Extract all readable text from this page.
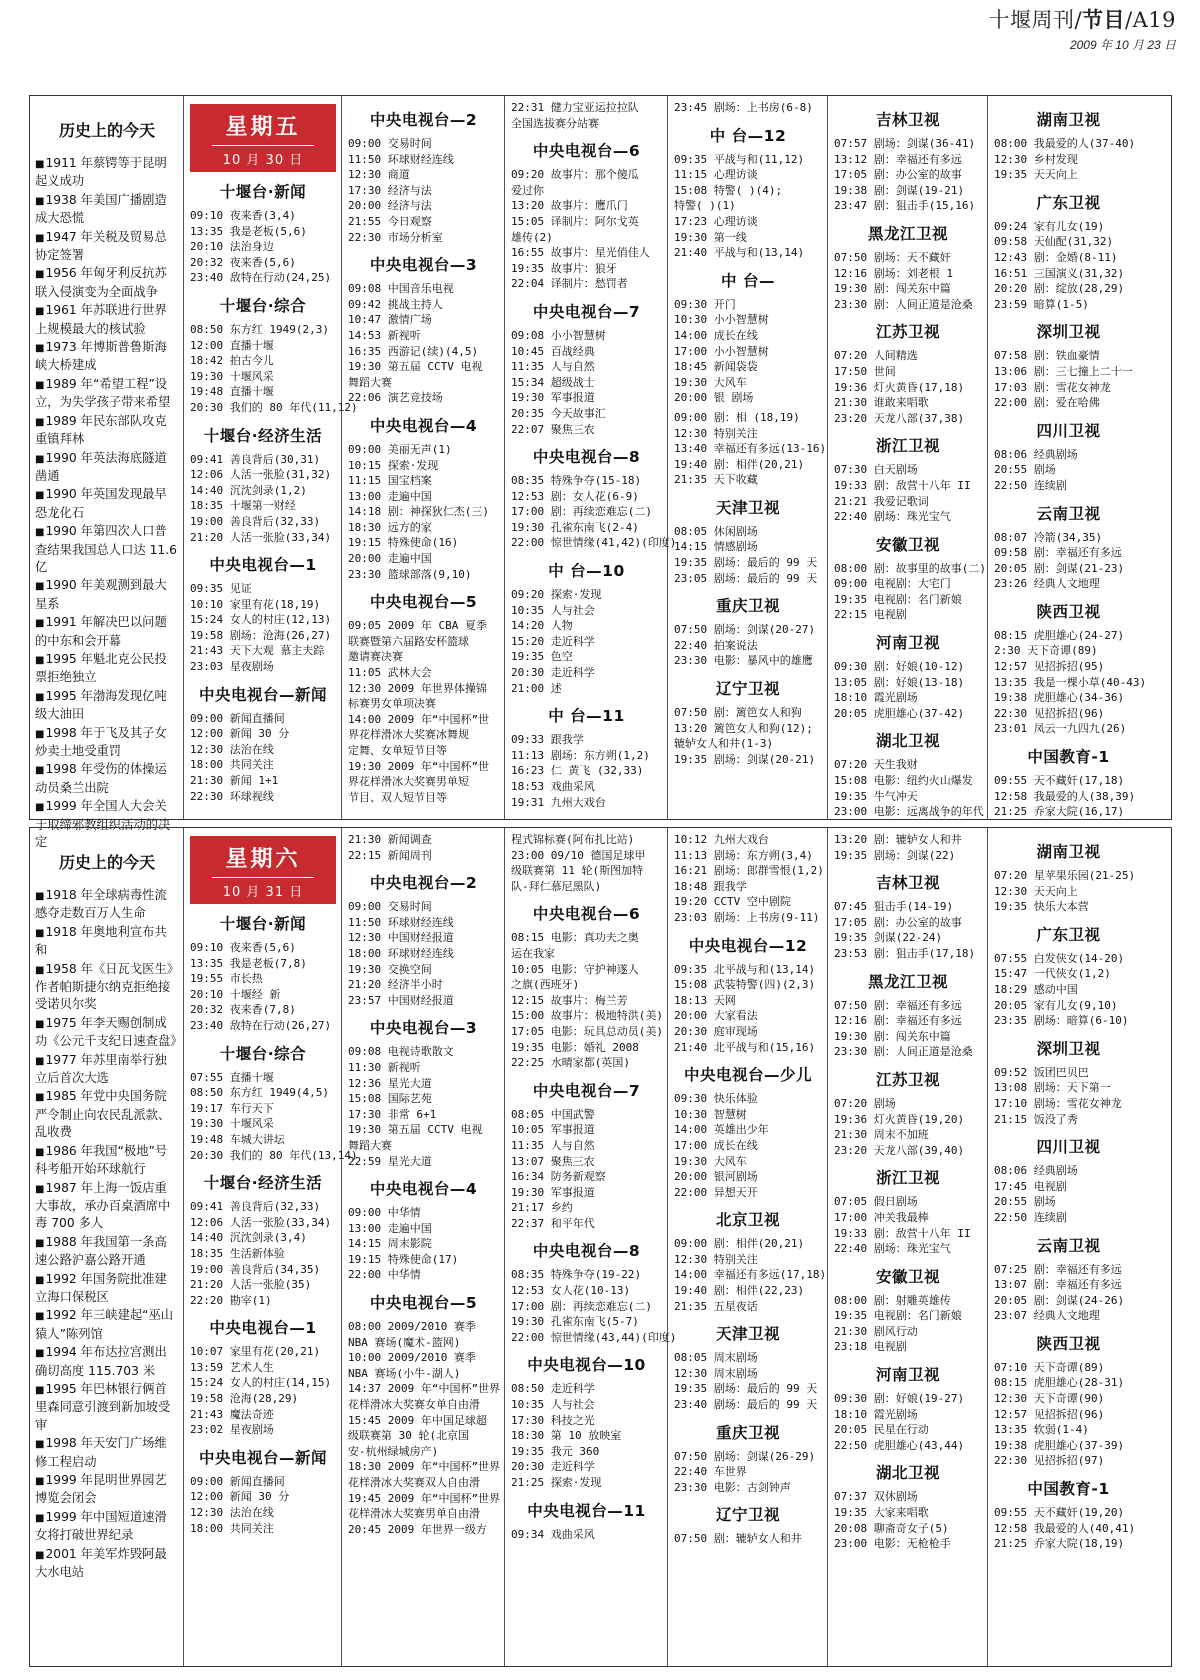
十堰周刊/节目/A19
2009 年 10 月 23 日
历史上的今天
■ 1911 年蔡锷等于昆明起义成功
■ 1938 年美国广播剧造成大恐慌
■ 1947 年关税及贸易总协定签署
■ 1956 年匈牙利反抗苏联入侵演变为全面战争
■ 1961 年苏联进行世界上规模最大的核试验
■ 1973 年博斯普鲁斯海峡大桥建成
■ 1989 年“希望工程”设立，为失学孩子带来希望
■ 1989 年民东部队攻克重镇拜林
■ 1990 年英法海底隧道凿通
■ 1990 年英国发现最早恐龙化石
■ 1990 年第四次人口普查结果我国总人口达 11.6 亿
■ 1990 年美观测到最大星系
■ 1991 年解决巴以问题的中东和会开幕
■ 1995 年魁北克公民投票拒绝独立
■ 1995 年渤海发现亿吨级大油田
■ 1998 年于飞及其子女炒卖土地受重罚
■ 1998 年受伤的体操运动员桑兰出院
■ 1999 年全国人大会关于取缔邪教组织活动的决定
星期五
10 月 30 日
十堰台·新闻
09:10 夜来香(3,4)
13:35 我是老板(5,6)
20:10 法治身边
20:32 夜来香(5,6)
23:40 敌特在行动(24,25)
十堰台·综合
08:50 东方红 1949(2,3)
12:00 直播十堰
18:42 拍古今儿
19:30 十堰风采
19:48 直播十堰
20:30 我们的 80 年代(11,12)
十堰台·经济生活
09:41 善良背后(30,31)
12:06 人活一张脸(31,32)
14:40 沉沈剑录(1,2)
18:35 十堰第一财经
19:00 善良背后(32,33)
21:20 人活一张脸(33,34)
中央电视台—1
09:35 见证
10:10 家里有花(18,19)
15:24 女人的村庄(12,13)
19:58 剧场：沧海(26,27)
21:43 天下大观 慕主夫踪
23:03 星夜剧场
中央电视台—新闻
09:00 新闻直播间
12:00 新闻 30 分
12:30 法治在线
18:00 共同关注
21:30 新闻 1+1
22:30 环球视线
中央电视台—2
09:00 交易时间
11:50 环球财经连线
12:30 商道
17:30 经济与法
20:00 经济与法
21:55 今日观察
22:30 市场分析室
中央电视台—3
09:08 中国音乐电视
09:42 挑战主持人
10:47 激情广场
14:53 新视听
16:35 西游记(续)(4,5)
19:30 第五届 CCTV 电视
舞蹈大赛
22:06 演艺竞技场
中央电视台—4
09:00 美丽无声(1)
10:15 探索·发现
11:15 国宝档案
13:00 走遍中国
14:18 剧：神探狄仁杰(三)
18:30 远方的家
19:15 特殊使命(16)
20:00 走遍中国
23:30 篮球部落(9,10)
中央电视台—5
09:05 2009 年 CBA 夏季
联赛暨第六届路安杯篮球
邀请赛决赛
11:05 武林大会
12:30 2009 年世界体操锦
标赛男女单项决赛
14:00 2009 年“中国杯”世
界花样滑冰大奖赛冰舞规
定舞、女单短节目等
19:30 2009 年“中国杯”世
界花样滑冰大奖赛男单短
节目、双人短节目等
22:31 健力宝亚运拉拉队
全国选拔赛分站赛
中央电视台—6
09:20 故事片：那个傻瓜
爱过你
13:20 故事片：鹰爪门
15:05 译制片：阿尔戈英
雄传(2)
16:55 故事片：星光俏佳人
19:35 故事片：狼牙
22:04 译制片：愁罚者
中央电视台—7
09:08 小小智慧树
10:45 百战经典
11:35 人与自然
15:34 超级战士
19:30 军事报道
20:35 今天故事汇
22:07 聚焦三农
中央电视台—8
08:35 特殊争夺(15-18)
12:53 剧：女人花(6-9)
17:00 剧：再续恋难忘(二)
19:30 孔雀东南飞(2-4)
22:00 惊世情缘(41,42)(印度)
中 台—10
09:20 探索·发现
10:35 人与社会
14:20 人物
15:20 走近科学
19:35 色空
20:30 走近科学
21:00 述
中 台—11
09:33 跟我学
11:13 剧场：东方朔(1,2)
16:23 仁 黄飞 (32,33)
18:53 戏曲采风
19:31 九州大戏台
23:45 剧场：上书房(6-8)
中 台—12
09:35 平战与和(11,12)
11:15 心理访谈
15:08 特警( )(4);
特警( )(1)
17:23 心理访谈
19:30 第一线
21:40 平战与和(13,14)
中 台—
09:30 开门
10:30 小小智慧树
14:00 成长在线
17:00 小小智慧树
18:45 新闻袋袋
19:30 大风车
20:00 银 剧场
09:00 剧：相 (18,19)
12:30 特别关注
13:40 幸福还有多远(13-16)
19:40 剧：相伴(20,21)
21:35 天下收藏
天津卫视
08:05 休闲剧场
14:15 情感剧场
19:35 剧场：最后的 99 天
23:05 剧场：最后的 99 天
重庆卫视
07:50 剧场：剑谋(20-27)
22:40 拍案说法
23:30 电影：暴风中的雄鹰
辽宁卫视
07:50 剧：篱笆女人和狗
13:20 篱笆女人和狗(12);
辘轳女人和井(1-3)
19:35 剧场：剑谋(20-21)
吉林卫视
07:57 剧场：剑谋(36-41)
13:12 剧：幸福还有多远
17:05 剧：办公室的故事
19:38 剧：剑谋(19-21)
23:47 剧：狙击手(15,16)
黑龙江卫视
07:50 剧场：天不藏奸
12:16 剧场：刘老根 1
19:30 剧：闯关东中篇
23:30 剧：人间正道是沧桑
江苏卫视
07:20 人间精选
17:50 世间
19:36 灯火黄昏(17,18)
21:30 谁敢来唱歌
23:20 天龙八部(37,38)
浙江卫视
07:30 白天剧场
19:33 剧：敌营十八年 II
21:21 我爱记歌词
22:40 剧场：珠光宝气
安徽卫视
08:00 剧：故事里的故事(二)
09:00 电视剧：大宅门
19:35 电视剧：名门新娘
22:15 电视剧
河南卫视
09:30 剧：好娘(10-12)
13:05 剧：好娘(13-18)
18:10 霞光剧场
20:05 虎胆雄心(37-42)
湖北卫视
07:20 天生我财
15:08 电影：纽约火山爆发
19:35 牛气冲天
23:00 电影：远离战争的年代
湖南卫视
08:00 我最爱的人(37-40)
12:30 乡村发现
19:35 天天向上
广东卫视
09:24 家有儿女(19)
09:58 天仙配(31,32)
12:43 剧：金婚(8-11)
16:51 三国演义(31,32)
20:20 剧：绽放(28,29)
23:59 暗算(1-5)
深圳卫视
07:58 剧：铁血豪情
13:06 剧：三七撞上二十一
17:03 剧：雪花女神龙
22:00 剧：爱在哈佛
四川卫视
08:06 经典剧场
20:55 剧场
22:50 连续剧
云南卫视
08:07 冷箭(34,35)
09:58 剧：幸福还有多远
20:05 剧：剑谋(21-23)
23:26 经典人文地理
陕西卫视
08:15 虎胆雄心(24-27)
2:30 天下奇谭(89)
12:57 见招拆招(95)
13:35 我是一棵小草(40-43)
19:38 虎胆雄心(34-36)
22:30 见招拆招(96)
23:01 凤云一九四九(26)
中国教育-1
09:55 天不藏奸(17,18)
12:58 我最爱的人(38,39)
21:25 乔家大院(16,17)
历史上的今天
■ 1918 年全球病毒性流感夺走数百万人生命
■ 1918 年奥地利宣布共和
■ 1958 年《日瓦戈医生》作者帕斯捷尔纳克拒绝接受诺贝尔奖
■ 1975 年李天赐创制成功《公元千支纪日速查盘》
■ 1977 年苏里南举行独立后首次大选
■ 1985 年党中央国务院严令制止向农民乱派款、乱收费
■ 1986 年我国“极地”号科考船开始环球航行
■ 1987 年上海一饭店重大事故，承办百桌酒席中毒 700 多人
■ 1988 年我国第一条高速公路沪嘉公路开通
■ 1992 年国务院批准建立海口保税区
■ 1992 年三峡建起“巫山猿人”陈列馆
■ 1994 年布达拉宫测出确切高度 115.703 米
■ 1995 年巴林银行俩首里森同意引渡到新加坡受审
■ 1998 年天安门广场维修工程启动
■ 1999 年昆明世界园艺博览会闭会
■ 1999 年中国短道速滑女将打破世界纪录
■ 2001 年美军炸毁阿最大水电站
星期六
10 月 31 日
十堰台·新闻
09:10 夜来香(5,6)
13:35 我是老板(7,8)
19:55 市长热
20:10 十堰经 新
20:32 夜来香(7,8)
23:40 敌特在行动(26,27)
十堰台·综合
07:55 直播十堰
08:50 东方红 1949(4,5)
19:17 车行天下
19:30 十堰风采
19:48 车城大讲坛
20:30 我们的 80 年代(13,14)
十堰台·经济生活
09:41 善良背后(32,33)
12:06 人活一张脸(33,34)
14:40 沉沈剑录(3,4)
18:35 生活新体验
19:00 善良背后(34,35)
21:20 人活一张脸(35)
22:20 勘宰(1)
中央电视台—1
10:07 家里有花(20,21)
13:59 艺术人生
15:24 女人的村庄(14,15)
19:58 沧海(28,29)
21:43 魔法奇迹
23:02 星夜剧场
中央电视台—新闻
09:00 新闻直播间
12:00 新闻 30 分
12:30 法治在线
18:00 共同关注
21:30 新闻调查
22:15 新闻周刊
中央电视台—2
09:00 交易时间
11:50 环球财经连线
12:30 中国财经报道
18:00 环球财经连线
19:30 交换空间
21:20 经济半小时
23:57 中国财经报道
中央电视台—3
09:08 电视诗歌散文
11:30 新视听
12:36 星光大道
15:08 国际艺苑
17:30 非常 6+1
19:30 第五届 CCTV 电视
舞蹈大赛
22:59 星光大道
中央电视台—4
09:00 中华情
13:00 走遍中国
14:15 周末影院
19:15 特殊使命(17)
22:00 中华情
中央电视台—5
08:00 2009/2010 赛季
NBA 赛场(魔术-篮网)
10:00 2009/2010 赛季
NBA 赛场(小牛-湖人)
14:37 2009 年“中国杯”世界
花样滑冰大奖赛女单自由滑
15:45 2009 年中国足球超
级联赛第 30 轮(北京国
安-杭州绿城房产)
18:30 2009 年“中国杯”世界
花样滑冰大奖赛双人自由滑
19:45 2009 年“中国杯”世界
花样滑冰大奖赛男单自由滑
20:45 2009 年世界一级方
程式锦标赛(阿布扎比站)
23:00 09/10 德国足球甲
级联赛第 11 轮(斯图加特
队-拜仁慕尼黑队)
中央电视台—6
08:15 电影：真功夫之奥
运在我家
10:05 电影：守护神遂人
之旗(西班牙)
12:15 故事片：梅兰芳
15:00 故事片：极地特洪(美)
17:05 电影：玩具总动员(美)
19:35 电影：婚礼 2008
22:25 水晴家都(英国)
中央电视台—7
08:05 中国武警
10:05 军事报道
11:35 人与自然
13:07 聚焦三农
16:34 防务新观察
19:30 军事报道
21:17 乡约
22:37 和平年代
中央电视台—8
08:35 特殊争夺(19-22)
12:53 女人花(10-13)
17:00 剧：再续恋难忘(二)
19:30 孔雀东南飞(5-7)
22:00 惊世情缘(43,44)(印度)
中央电视台—10
08:50 走近科学
10:35 人与社会
17:30 科技之光
18:30 第 10 放映室
19:35 我元 360
20:30 走近科学
21:25 探索·发现
中央电视台—11
09:34 戏曲采风
10:12 九州大戏台
11:13 剧场：东方朔(3,4)
16:21 剧场：郎群雪恨(1,2)
18:48 跟我学
19:20 CCTV 空中剧院
23:03 剧场：上书房(9-11)
中央电视台—12
09:35 北平战与和(13,14)
15:08 武装特警(四)(2,3)
18:13 天网
20:00 大家看法
20:30 庭审现场
21:40 北平战与和(15,16)
中央电视台—少儿
09:30 快乐体验
10:30 智慧树
14:00 英雄出少年
17:00 成长在线
19:30 大风车
20:00 银河剧场
22:00 异想天开
北京卫视
09:00 剧：相伴(20,21)
12:30 特别关注
14:00 幸福还有多远(17,18)
19:40 剧：相伴(22,23)
21:35 五星夜话
天津卫视
08:05 周末剧场
12:30 周末剧场
19:35 剧场：最后的 99 天
23:40 剧场：最后的 99 天
重庆卫视
07:50 剧场：剑谋(26-29)
22:40 车世界
23:30 电影：古剑钟声
辽宁卫视
07:50 剧：辘轳女人和井
13:20 剧：辘轳女人和井
19:35 剧场：剑谋(22)
吉林卫视
07:45 狙击手(14-19)
17:05 剧：办公室的故事
19:35 剑谋(22-24)
23:53 剧：狙击手(17,18)
黑龙江卫视
07:50 剧：幸福还有多远
12:16 剧：幸福还有多远
19:30 剧：闯关东中篇
23:30 剧：人间正道是沧桑
江苏卫视
07:20 剧场
19:36 灯火黄昏(19,20)
21:30 周末不加班
23:20 天龙八部(39,40)
浙江卫视
07:05 假日剧场
17:00 冲关我最棒
19:33 剧：敌营十八年 II
22:40 剧场：珠光宝气
安徽卫视
08:00 剧：射雕英雄传
19:35 电视剧：名门新娘
21:30 剧风行动
23:18 电视剧
河南卫视
09:30 剧：好娘(19-27)
18:10 霞光剧场
20:05 民星在行动
22:50 虎胆雄心(43,44)
湖北卫视
07:37 双休剧场
19:35 大家来唱歌
20:08 聊斋奇女子(5)
23:00 电影：无枪枪手
湖南卫视
07:20 星苹果乐园(21-25)
12:30 天天向上
19:35 快乐大本营
广东卫视
07:55 白发侠女(14-20)
15:47 一代侠女(1,2)
18:29 感动中国
20:05 家有儿女(9,10)
23:35 剧场：暗算(6-10)
深圳卫视
09:52 饭团巴贝巴
13:08 剧场：天下第一
17:10 剧场：雪花女神龙
21:15 饭没了秀
四川卫视
08:06 经典剧场
17:45 电视剧
20:55 剧场
22:50 连续剧
云南卫视
07:25 剧：幸福还有多远
13:07 剧：幸福还有多远
20:05 剧：剑谋(24-26)
23:07 经典人文地理
陕西卫视
07:10 天下奇谭(89)
08:15 虎胆雄心(28-31)
12:30 天下奇谭(90)
12:57 见招拆招(96)
13:35 软弱(1-4)
19:38 虎胆雄心(37-39)
22:30 见招拆招(97)
中国教育-1
09:55 天不藏奸(19,20)
12:58 我最爱的人(40,41)
21:25 乔家大院(18,19)
